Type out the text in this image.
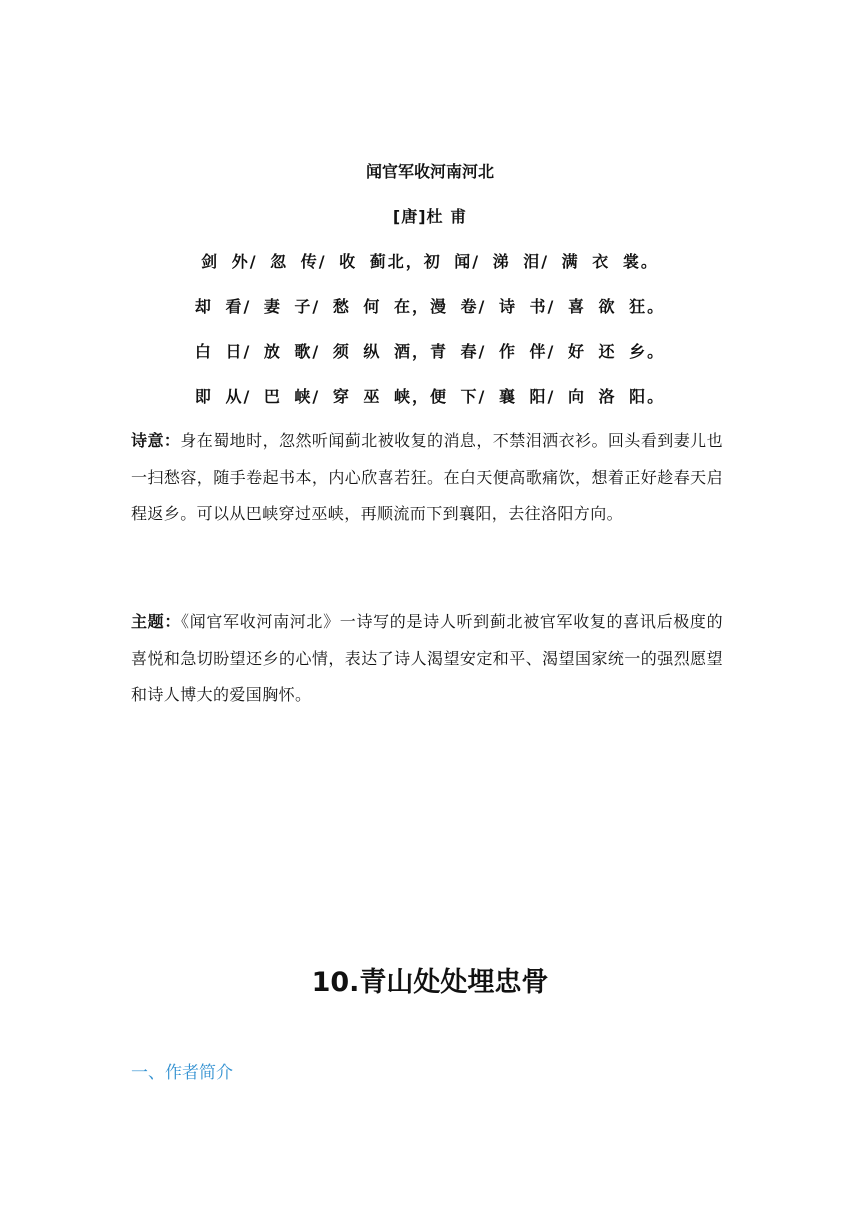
闻官军收河南河北
[唐]杜 甫
剑 外/ 忽 传/ 收 蓟北，初 闻/ 涕 泪/ 满 衣 裳。
却 看/ 妻 子/ 愁 何 在，漫 卷/ 诗 书/ 喜 欲 狂。
白 日/ 放 歌/ 须 纵 酒，青 春/ 作 伴/ 好 还 乡。
即 从/ 巴 峡/ 穿 巫 峡，便 下/ 襄 阳/ 向 洛 阳。
诗意：身在蜀地时，忽然听闻蓟北被收复的消息，不禁泪洒衣衫。回头看到妻儿也一扫愁容，随手卷起书本，内心欣喜若狂。在白天便高歌痛饮，想着正好趁春天启程返乡。可以从巴峡穿过巫峡，再顺流而下到襄阳，去往洛阳方向。
主题：《闻官军收河南河北》一诗写的是诗人听到蓟北被官军收复的喜讯后极度的喜悦和急切盼望还乡的心情，表达了诗人渴望安定和平、渴望国家统一的强烈愿望和诗人博大的爱国胸怀。
10.青山处处埋忠骨
一、作者简介
